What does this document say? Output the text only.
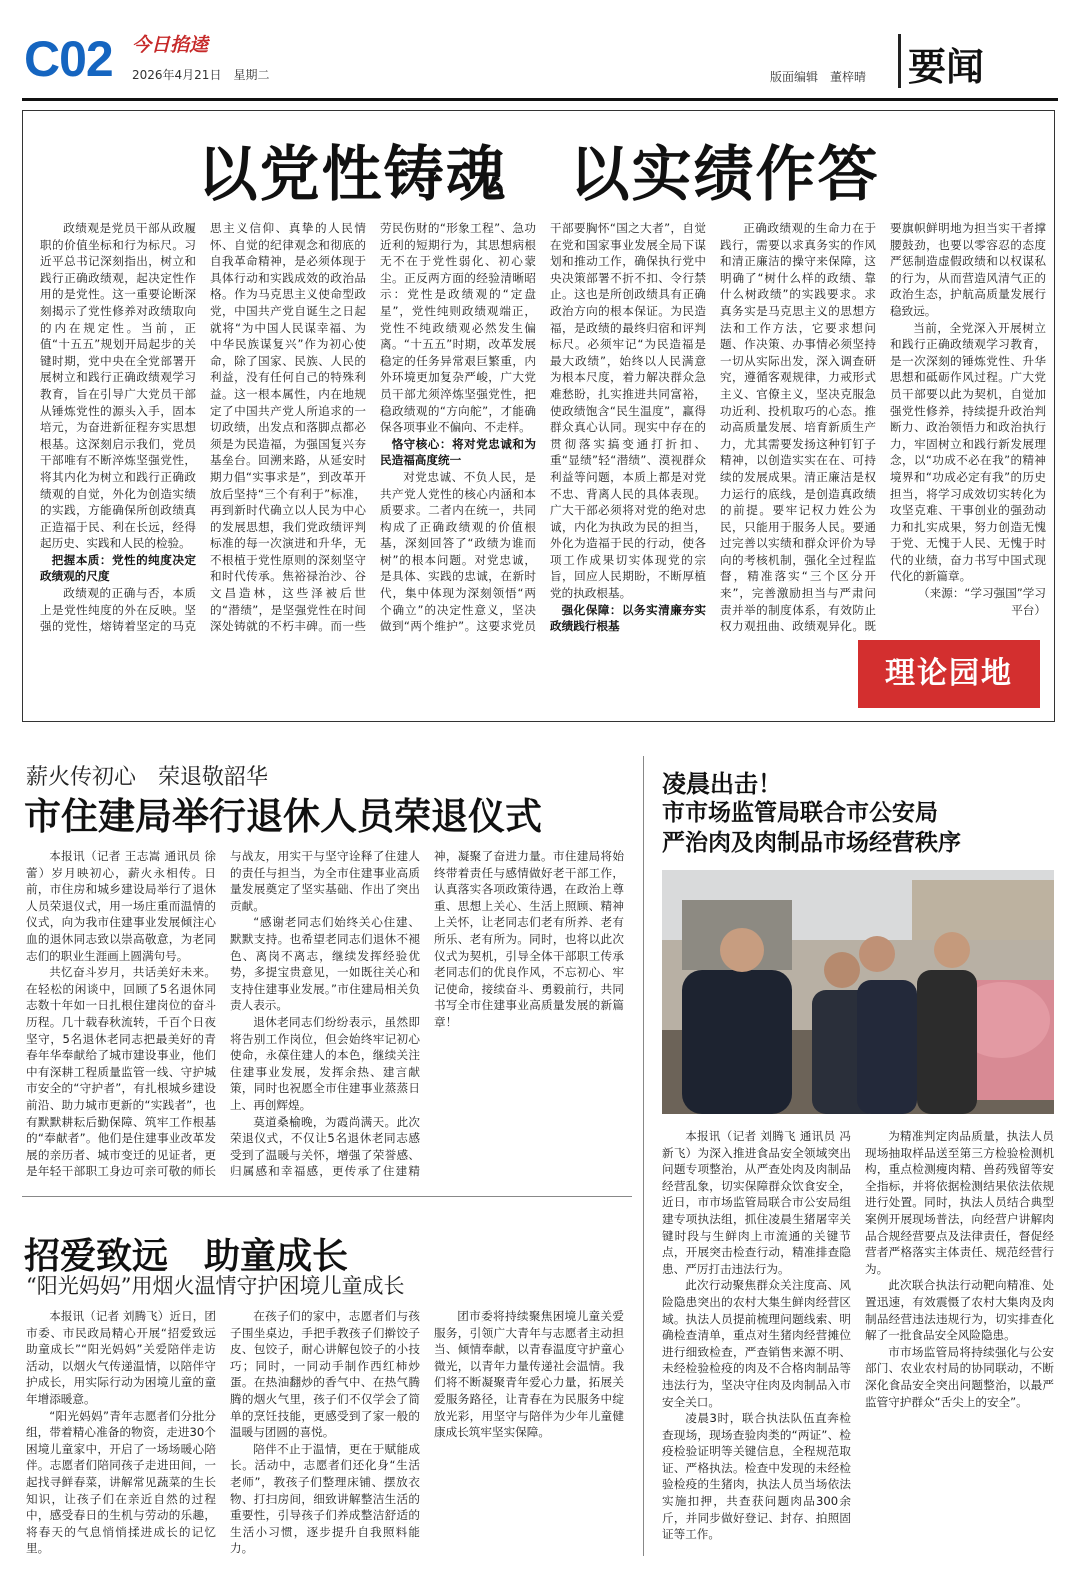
C02 今日掐逵
2026年4月21日　星期二	版面编辑　董梓晴 要闻
以党性铸魂　以实绩作答

政绩观是党员干部从政履职的价值坐标和行为标尺。习近平总书记深刻指出，树立和践行正确政绩观，起决定性作用的是党性。这一重要论断深刻揭示了党性修养对政绩取向的内在规定性。当前，正值“十五五”规划开局起步的关键时期，党中央在全党部署开展树立和践行正确政绩观学习教育，旨在引导广大党员干部从锤炼党性的源头入手，固本培元，为奋进新征程夯实思想根基。这深刻启示我们，党员干部唯有不断淬炼坚强党性，将其内化为树立和践行正确政绩观的自觉，外化为创造实绩的实践，方能确保所创政绩真正造福于民、利在长远，经得起历史、实践和人民的检验。

把握本质：党性的纯度决定政绩观的尺度

政绩观的正确与否，本质上是党性纯度的外在反映。坚强的党性，熔铸着坚定的马克思主义信仰、真挚的人民情怀、自觉的纪律观念和彻底的自我革命精神，是必须体现于具体行动和实践成效的政治品格。作为马克思主义使命型政党，中国共产党自诞生之日起就将“为中国人民谋幸福、为中华民族谋复兴”作为初心使命，除了国家、民族、人民的利益，没有任何自己的特殊利益。这一根本属性，内在地规定了中国共产党人所追求的一切政绩，出发点和落脚点都必须是为民造福，为强国复兴夯基垒台。回溯来路，从延安时期力倡“实事求是”，到改革开放后坚持“三个有利于”标准，再到新时代确立以人民为中心的发展思想，我们党政绩评判标准的每一次演进和升华，无不根植于党性原则的深刻坚守和时代传承。焦裕禄治沙、谷文昌造林，这些泽被后世的“潜绩”，是坚强党性在时间深处铸就的不朽丰碑。而一些劳民伤财的“形象工程”、急功近利的短期行为，其思想病根无不在于党性弱化、初心蒙尘。正反两方面的经验清晰昭示：党性是政绩观的“定盘星”，党性纯则政绩观端正，党性不纯政绩观必然发生偏离。“十五五”时期，改革发展稳定的任务异常艰巨繁重，内外环境更加复杂严峻，广大党员干部尤须淬炼坚强党性，把稳政绩观的“方向舵”，才能确保各项事业不偏向、不走样。

恪守核心：将对党忠诚和为民造福高度统一

对党忠诚、不负人民，是共产党人党性的核心内涵和本质要求。二者内在统一，共同构成了正确政绩观的价值根基，深刻回答了“政绩为谁而树”的根本问题。对党忠诚，是具体、实践的忠诚，在新时代，集中体现为深刻领悟“两个确立”的决定性意义，坚决做到“两个维护”。这要求党员干部要胸怀“国之大者”，自觉在党和国家事业发展全局下谋划和推动工作，确保执行党中央决策部署不折不扣、令行禁止。这也是所创政绩具有正确政治方向的根本保证。为民造福，是政绩的最终归宿和评判标尺。必须牢记“为民造福是最大政绩”，始终以人民满意为根本尺度，着力解决群众急难愁盼，扎实推进共同富裕，使政绩饱含“民生温度”，赢得群众真心认同。现实中存在的贯彻落实搞变通打折扣、重“显绩”轻“潜绩”、漠视群众利益等问题，本质上都是对党不忠、背离人民的具体表现。广大干部必须将对党的绝对忠诚，内化为执政为民的担当，外化为造福于民的行动，使各项工作成果切实体现党的宗旨，回应人民期盼，不断厚植党的执政根基。

强化保障：以务实清廉夯实政绩践行根基

正确政绩观的生命力在于践行，需要以求真务实的作风和清正廉洁的操守来保障，这明确了“树什么样的政绩、靠什么树政绩”的实践要求。求真务实是马克思主义的思想方法和工作方法，它要求想问题、作决策、办事情必须坚持一切从实际出发，深入调查研究，遵循客观规律，力戒形式主义、官僚主义，坚决克服急功近利、投机取巧的心态。推动高质量发展、培育新质生产力，尤其需要发扬这种钉钉子精神，以创造实实在在、可持续的发展成果。清正廉洁是权力运行的底线，是创造真政绩的前提。要牢记权力姓公为民，只能用于服务人民。要通过完善以实绩和群众评价为导向的考核机制，强化全过程监督，精准落实“三个区分开来”，完善激励担当与严肃问责并举的制度体系，有效防止权力观扭曲、政绩观异化。既要旗帜鲜明地为担当实干者撑腰鼓劲，也要以零容忍的态度严惩制造虚假政绩和以权谋私的行为，从而营造风清气正的政治生态，护航高质量发展行稳致远。

当前，全党深入开展树立和践行正确政绩观学习教育，是一次深刻的锤炼党性、升华思想和砥砺作风过程。广大党员干部要以此为契机，自觉加强党性修养，持续提升政治判断力、政治领悟力和政治执行力，牢固树立和践行新发展理念，以“功成不必在我”的精神境界和“功成必定有我”的历史担当，将学习成效切实转化为攻坚克难、干事创业的强劲动力和扎实成果，努力创造无愧于党、无愧于人民、无愧于时代的业绩，奋力书写中国式现代化的新篇章。

（来源：“学习强国”学习平台）

理论园地
薪火传初心　荣退敬韶华
市住建局举行退休人员荣退仪式

本报讯（记者 王志嵩 通讯员 徐蕾）岁月映初心，薪火永相传。日前，市住房和城乡建设局举行了退休人员荣退仪式，用一场庄重而温情的仪式，向为我市住建事业发展倾注心血的退休同志致以崇高敬意，为老同志们的职业生涯画上圆满句号。

共忆奋斗岁月，共话美好未来。在轻松的闲谈中，回顾了5名退休同志数十年如一日扎根住建岗位的奋斗历程。几十载春秋流转，千百个日夜坚守，5名退休老同志把最美好的青春年华奉献给了城市建设事业，他们中有深耕工程质量监管一线、守护城市安全的“守护者”，有扎根城乡建设前沿、助力城市更新的“实践者”，也有默默耕耘后勤保障、筑牢工作根基的“奉献者”。他们是住建事业改革发展的亲历者、城市变迁的见证者，更是年轻干部职工身边可亲可敬的师长与战友，用实干与坚守诠释了住建人的责任与担当，为全市住建事业高质量发展奠定了坚实基础、作出了突出贡献。

“感谢老同志们始终关心住建、默默支持。也希望老同志们退休不褪色、离岗不离志，继续发挥经验优势，多提宝贵意见，一如既往关心和支持住建事业发展。”市住建局相关负责人表示。

退休老同志们纷纷表示，虽然即将告别工作岗位，但会始终牢记初心使命，永葆住建人的本色，继续关注住建事业发展，发挥余热、建言献策，同时也祝愿全市住建事业蒸蒸日上、再创辉煌。

莫道桑榆晚，为霞尚满天。此次荣退仪式，不仅让5名退休老同志感受到了温暖与关怀，增强了荣誉感、归属感和幸福感，更传承了住建精神，凝聚了奋进力量。市住建局将始终带着责任与感情做好老干部工作，认真落实各项政策待遇，在政治上尊重、思想上关心、生活上照顾、精神上关怀，让老同志们老有所养、老有所乐、老有所为。同时，也将以此次仪式为契机，引导全体干部职工传承老同志们的优良作风，不忘初心、牢记使命，接续奋斗、勇毅前行，共同书写全市住建事业高质量发展的新篇章！

凌晨出击！
市市场监管局联合市公安局
严治肉及肉制品市场经营秩序

本报讯（记者 刘腾飞 通讯员 冯新飞）为深入推进食品安全领域突出问题专项整治，从严查处肉及肉制品经营乱象，切实保障群众饮食安全，近日，市市场监管局联合市公安局组建专项执法组，抓住凌晨生猪屠宰关键时段与生鲜肉上市流通的关键节点，开展突击检查行动，精准排查隐患、严厉打击违法行为。

此次行动聚焦群众关注度高、风险隐患突出的农村大集生鲜肉经营区域。执法人员提前梳理问题线索、明确检查清单，重点对生猪肉经营摊位进行细致检查，严查销售来源不明、未经检验检疫的肉及不合格肉制品等违法行为，坚决守住肉及肉制品入市安全关口。

凌晨3时，联合执法队伍直奔检查现场，现场查验肉类的“两证”、检疫检验证明等关键信息，全程规范取证、严格执法。检查中发现的未经检验检疫的生猪肉，执法人员当场依法实施扣押，共查获问题肉品300余斤，并同步做好登记、封存、拍照固证等工作。

为精准判定肉品质量，执法人员现场抽取样品送至第三方检验检测机构，重点检测瘦肉精、兽药残留等安全指标，并将依据检测结果依法依规进行处置。同时，执法人员结合典型案例开展现场普法，向经营户讲解肉品合规经营要点及法律责任，督促经营者严格落实主体责任、规范经营行为。

此次联合执法行动靶向精准、处置迅速，有效震慑了农村大集肉及肉制品经营违法违规行为，切实排查化解了一批食品安全风险隐患。

市市场监管局将持续强化与公安部门、农业农村局的协同联动，不断深化食品安全突出问题整治，以最严监管守护群众“舌尖上的安全”。

招爱致远　助童成长
“阳光妈妈”用烟火温情守护困境儿童成长

本报讯（记者 刘腾飞）近日，团市委、市民政局精心开展“招爱致远 助童成长”“阳光妈妈”关爱陪伴走访活动，以烟火气传递温情，以陪伴守护成长，用实际行动为困境儿童的童年增添暖意。

“阳光妈妈”青年志愿者们分批分组，带着精心准备的物资，走进30个困境儿童家中，开启了一场场暖心陪伴。志愿者们陪同孩子走进田间，一起找寻鲜春菜，讲解常见蔬菜的生长知识，让孩子们在亲近自然的过程中，感受春日的生机与劳动的乐趣，将春天的气息悄悄揉进成长的记忆里。

在孩子们的家中，志愿者们与孩子围坐桌边，手把手教孩子们擀饺子皮、包饺子，耐心讲解包饺子的小技巧；同时，一同动手制作西红柿炒蛋。在热油翻炒的香气中、在热气腾腾的烟火气里，孩子们不仅学会了简单的烹饪技能，更感受到了家一般的温暖与团圆的喜悦。

陪伴不止于温情，更在于赋能成长。活动中，志愿者们还化身“生活老师”，教孩子们整理床铺、摆放衣物、打扫房间，细致讲解整洁生活的重要性，引导孩子们养成整洁舒适的生活小习惯，逐步提升自我照料能力。

团市委将持续聚焦困境儿童关爱服务，引领广大青年与志愿者主动担当、倾情奉献，以青春温度守护童心微光，以青年力量传递社会温情。我们将不断凝聚青年爱心力量，拓展关爱服务路径，让青春在为民服务中绽放光彩，用坚守与陪伴为少年儿童健康成长筑牢坚实保障。
